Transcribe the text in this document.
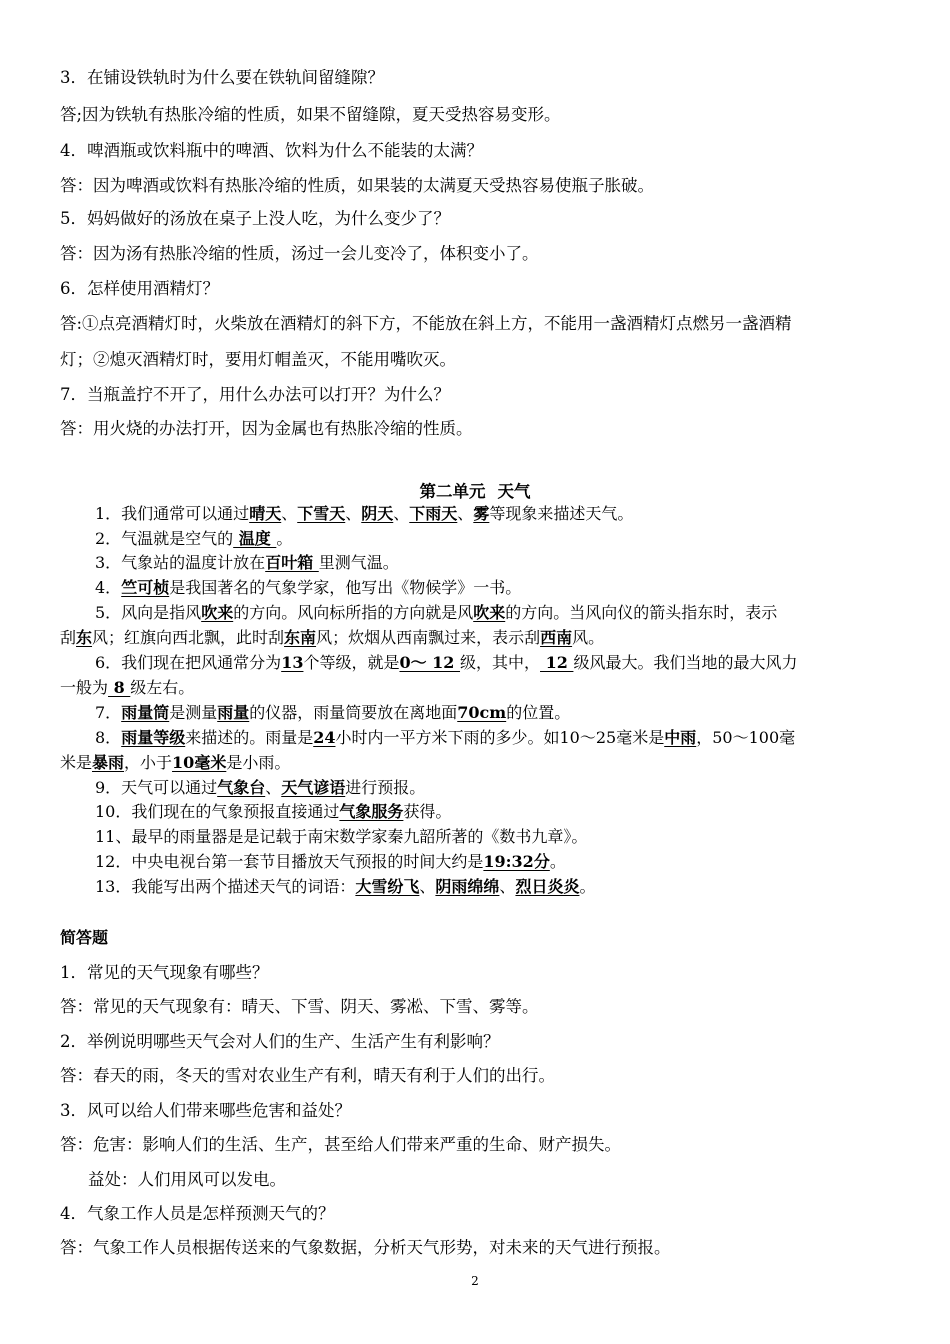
3．在铺设铁轨时为什么要在铁轨间留缝隙？
答;因为铁轨有热胀冷缩的性质，如果不留缝隙，夏天受热容易变形。
4．啤酒瓶或饮料瓶中的啤酒、饮料为什么不能装的太满？
答：因为啤酒或饮料有热胀冷缩的性质，如果装的太满夏天受热容易使瓶子胀破。
5．妈妈做好的汤放在桌子上没人吃，为什么变少了？
答：因为汤有热胀冷缩的性质，汤过一会儿变冷了，体积变小了。
6．怎样使用酒精灯？
答:①点亮酒精灯时，火柴放在酒精灯的斜下方，不能放在斜上方，不能用一盏酒精灯点燃另一盏酒精
灯；②熄灭酒精灯时，要用灯帽盖灭，不能用嘴吹灭。
7．当瓶盖拧不开了，用什么办法可以打开？为什么？
答：用火烧的办法打开，因为金属也有热胀冷缩的性质。
第二单元 天气
1．我们通常可以通过晴天、下雪天、阴天、下雨天、雾等现象来描述天气。
2．气温就是空气的 温度 。
3．气象站的温度计放在百叶箱 里测气温。
4．竺可桢是我国著名的气象学家，他写出《物候学》一书。
5．风向是指风吹来的方向。风向标所指的方向就是风吹来的方向。当风向仪的箭头指东时，表示
刮东风；红旗向西北飘，此时刮东南风；炊烟从西南飘过来，表示刮西南风。
6．我们现在把风通常分为13个等级，就是0～ 12 级，其中， 12 级风最大。我们当地的最大风力
一般为 8 级左右。
7．雨量筒是测量雨量的仪器，雨量筒要放在离地面70cm的位置。
8．雨量等级来描述的。雨量是24小时内一平方米下雨的多少。如10～25毫米是中雨，50～100毫
米是暴雨，小于10毫米是小雨。
9．天气可以通过气象台、天气谚语进行预报。
10．我们现在的气象预报直接通过气象服务获得。
11、最早的雨量器是是记载于南宋数学家秦九韶所著的《数书九章》。
12．中央电视台第一套节目播放天气预报的时间大约是19:32分。
13．我能写出两个描述天气的词语：大雪纷飞、阴雨绵绵、烈日炎炎。
简答题
1．常见的天气现象有哪些？
答：常见的天气现象有：晴天、下雪、阴天、雾凇、下雪、雾等。
2．举例说明哪些天气会对人们的生产、生活产生有利影响？
答：春天的雨，冬天的雪对农业生产有利，晴天有利于人们的出行。
3．风可以给人们带来哪些危害和益处？
答：危害：影响人们的生活、生产，甚至给人们带来严重的生命、财产损失。
益处：人们用风可以发电。
4．气象工作人员是怎样预测天气的？
答：气象工作人员根据传送来的气象数据，分析天气形势，对未来的天气进行预报。
2
